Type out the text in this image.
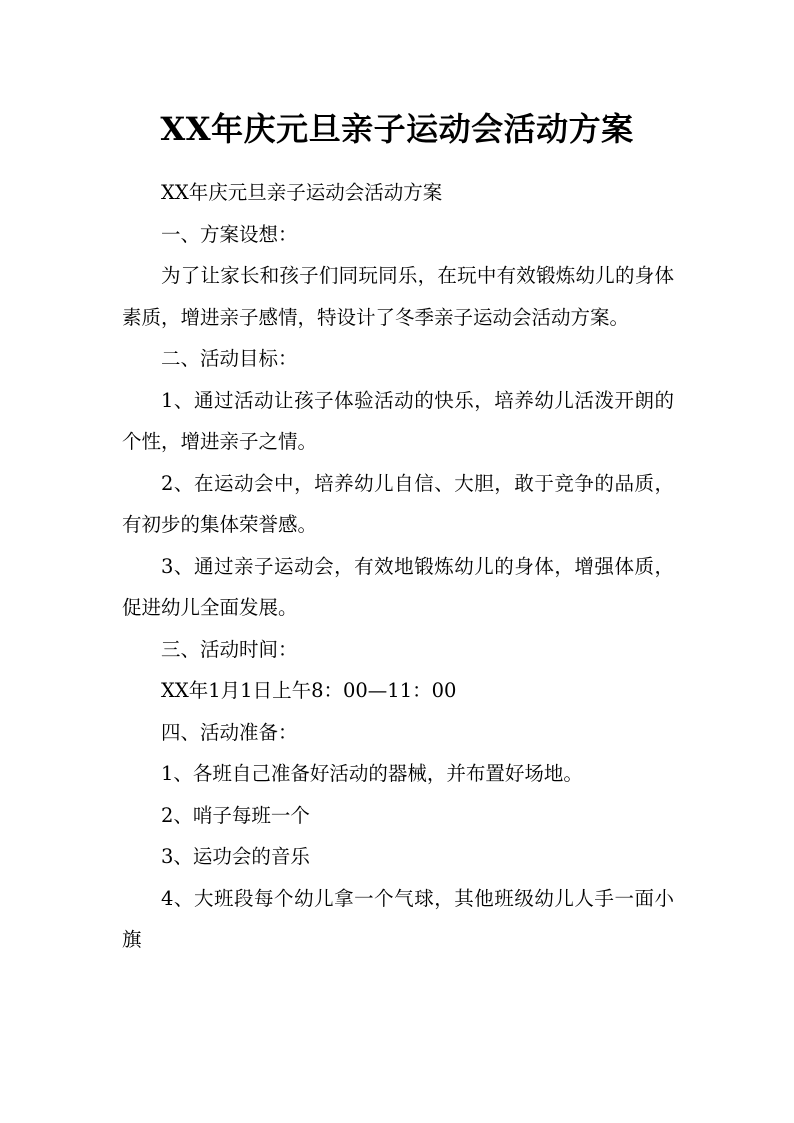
XX年庆元旦亲子运动会活动方案

XX年庆元旦亲子运动会活动方案

一、方案设想：

为了让家长和孩子们同玩同乐，在玩中有效锻炼幼儿的身体素质，增进亲子感情，特设计了冬季亲子运动会活动方案。

二、活动目标：

1、通过活动让孩子体验活动的快乐，培养幼儿活泼开朗的个性，增进亲子之情。

2、在运动会中，培养幼儿自信、大胆，敢于竞争的品质，有初步的集体荣誉感。

3、通过亲子运动会，有效地锻炼幼儿的身体，增强体质，促进幼儿全面发展。

三、活动时间：

XX年1月1日上午8：00—11：00

四、活动准备：

1、各班自己准备好活动的器械，并布置好场地。

2、哨子每班一个

3、运功会的音乐

4、大班段每个幼儿拿一个气球，其他班级幼儿人手一面小旗
